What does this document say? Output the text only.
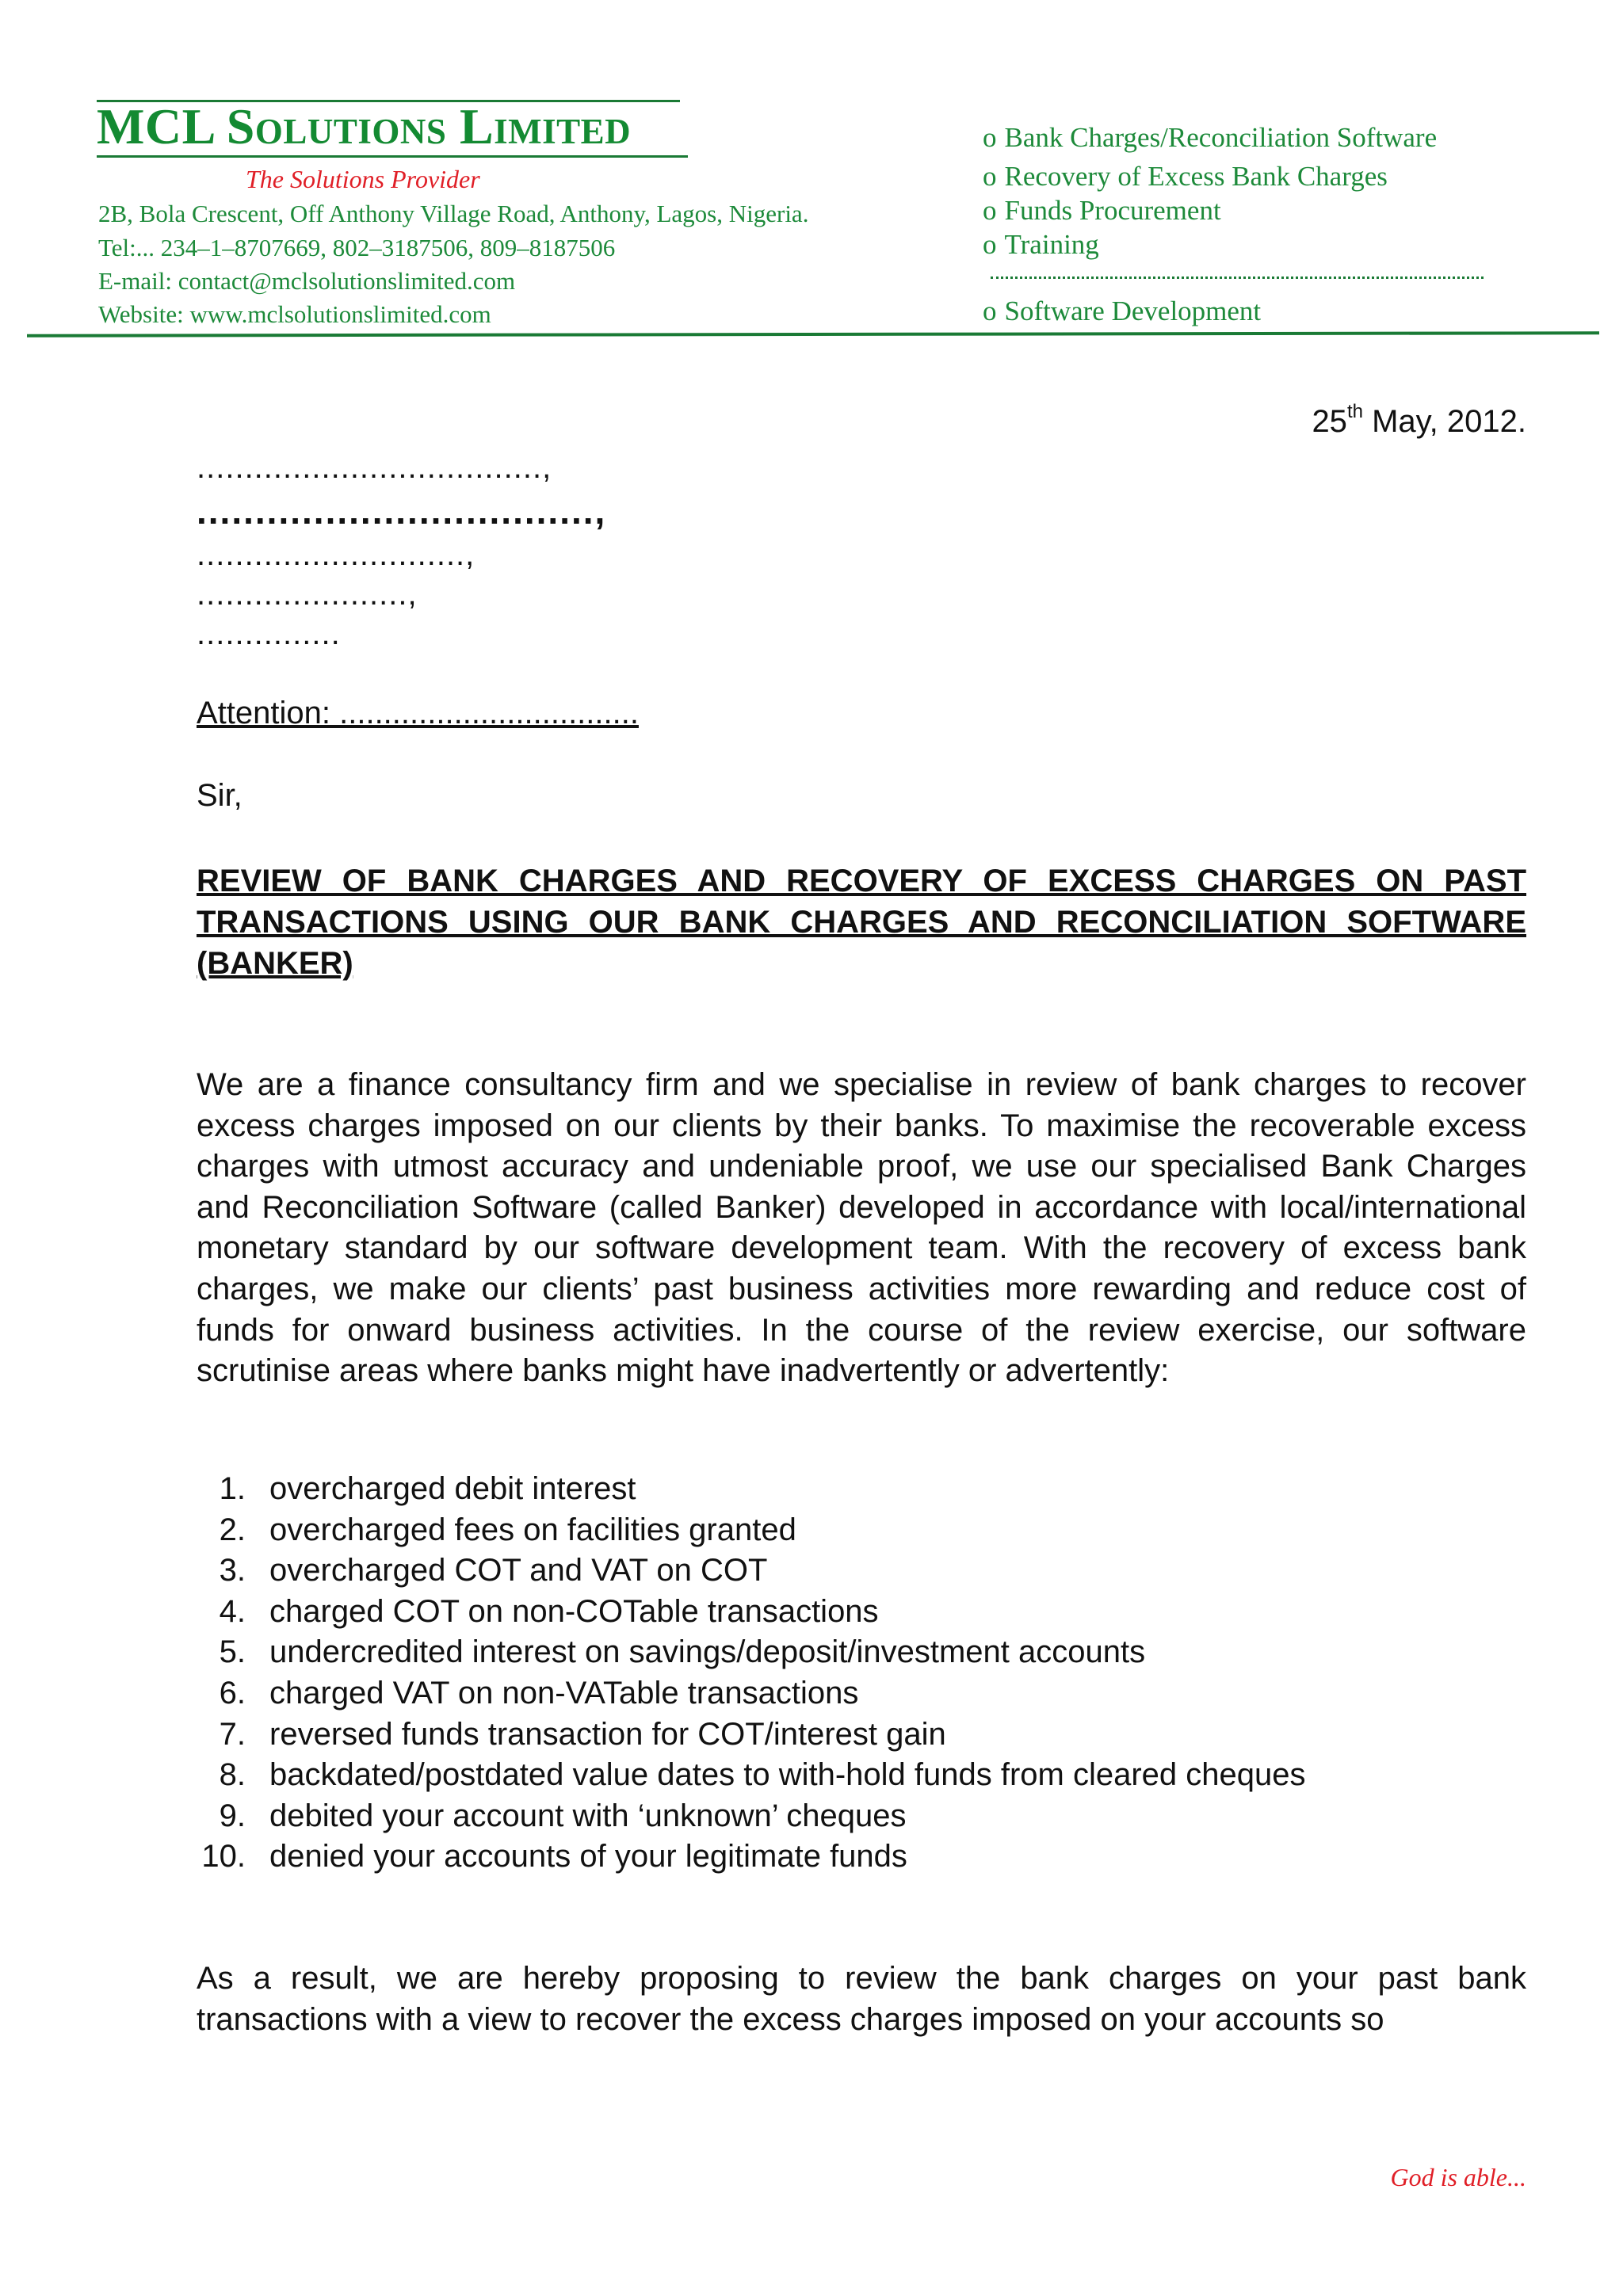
MCL Solutions Limited
The Solutions Provider
2B, Bola Crescent, Off Anthony Village Road, Anthony, Lagos, Nigeria.
Tel:... 234–1–8707669, 802–3187506, 809–8187506
E-mail: contact@mclsolutionslimited.com
Website: www.mclsolutionslimited.com
o Bank Charges/Reconciliation Software
o Recovery of Excess Bank Charges
o Funds Procurement
o Training
o Software Development
25th May, 2012.
....................................,
..................................,
............................,
......................,
...............
Attention: ..................................
Sir,
REVIEW OF BANK CHARGES AND RECOVERY OF EXCESS CHARGES ON PAST TRANSACTIONS USING OUR BANK CHARGES AND RECONCILIATION SOFTWARE (BANKER)
We are a finance consultancy firm and we specialise in review of bank charges to recover excess charges imposed on our clients by their banks. To maximise the recoverable excess charges with utmost accuracy and undeniable proof, we use our specialised Bank Charges and Reconciliation Software (called Banker) developed in accordance with local/international monetary standard by our software development team. With the recovery of excess bank charges, we make our clients’ past business activities more rewarding and reduce cost of funds for onward business activities. In the course of the review exercise, our software scrutinise areas where banks might have inadvertently or advertently:
1. overcharged debit interest
2. overcharged fees on facilities granted
3. overcharged COT and VAT on COT
4. charged COT on non-COTable transactions
5. undercredited interest on savings/deposit/investment accounts
6. charged VAT on non-VATable transactions
7. reversed funds transaction for COT/interest gain
8. backdated/postdated value dates to with-hold funds from cleared cheques
9. debited your account with ‘unknown’ cheques
10. denied your accounts of your legitimate funds
As a result, we are hereby proposing to review the bank charges on your past bank transactions with a view to recover the excess charges imposed on your accounts so
God is able...
